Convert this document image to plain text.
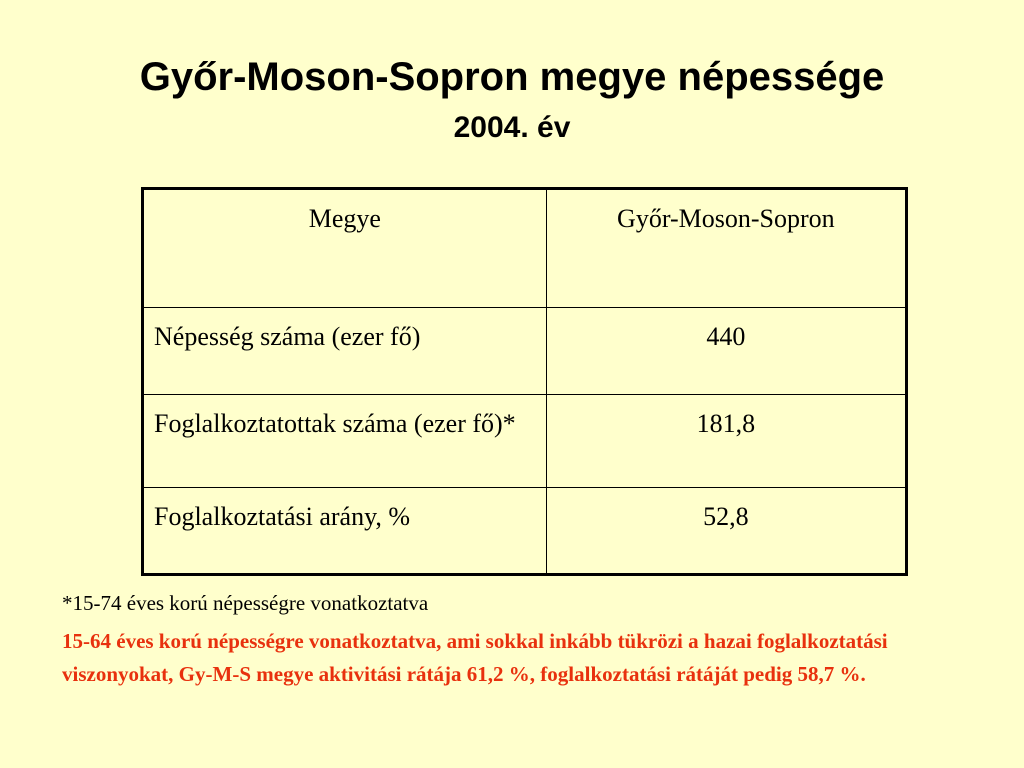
Győr-Moson-Sopron megye népessége
2004. év
Megye	Győr-Moson-Sopron
Népesség száma (ezer fő)	440
Foglalkoztatottak száma (ezer fő)*	181,8
Foglalkoztatási arány, %	52,8
*15-74 éves korú népességre vonatkoztatva
15-64 éves korú népességre vonatkoztatva, ami sokkal inkább tükrözi a hazai foglalkoztatási viszonyokat, Gy-M-S megye aktivitási rátája 61,2 %, foglalkoztatási rátáját pedig 58,7 %.
